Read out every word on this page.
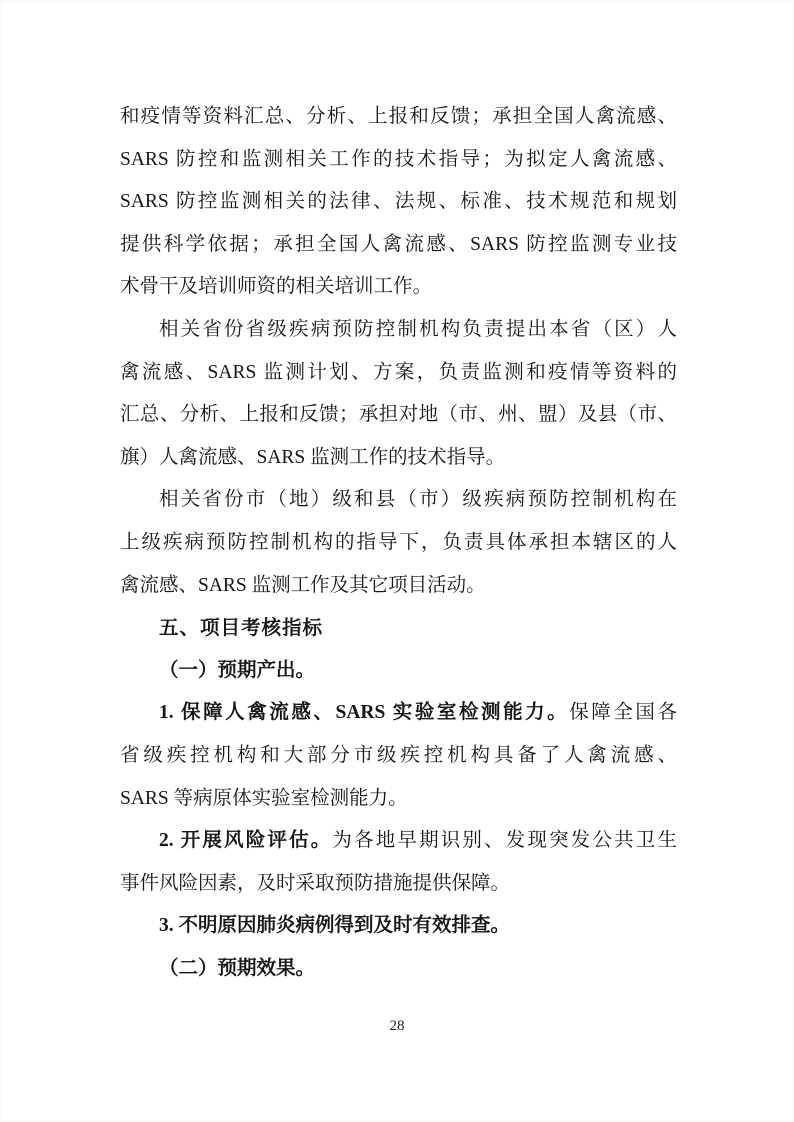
和疫情等资料汇总、分析、上报和反馈；承担全国人禽流感、
SARS 防控和监测相关工作的技术指导；为拟定人禽流感、
SARS 防控监测相关的法律、法规、标准、技术规范和规划
提供科学依据；承担全国人禽流感、SARS 防控监测专业技
术骨干及培训师资的相关培训工作。
相关省份省级疾病预防控制机构负责提出本省（区）人
禽流感、SARS 监测计划、方案，负责监测和疫情等资料的
汇总、分析、上报和反馈；承担对地（市、州、盟）及县（市、
旗）人禽流感、SARS 监测工作的技术指导。
相关省份市（地）级和县（市）级疾病预防控制机构在
上级疾病预防控制机构的指导下，负责具体承担本辖区的人
禽流感、SARS 监测工作及其它项目活动。
五、项目考核指标
（一）预期产出。
1. 保障人禽流感、SARS 实验室检测能力。保障全国各
省级疾控机构和大部分市级疾控机构具备了人禽流感、
SARS 等病原体实验室检测能力。
2. 开展风险评估。为各地早期识别、发现突发公共卫生
事件风险因素，及时采取预防措施提供保障。
3. 不明原因肺炎病例得到及时有效排查。
（二）预期效果。
28
